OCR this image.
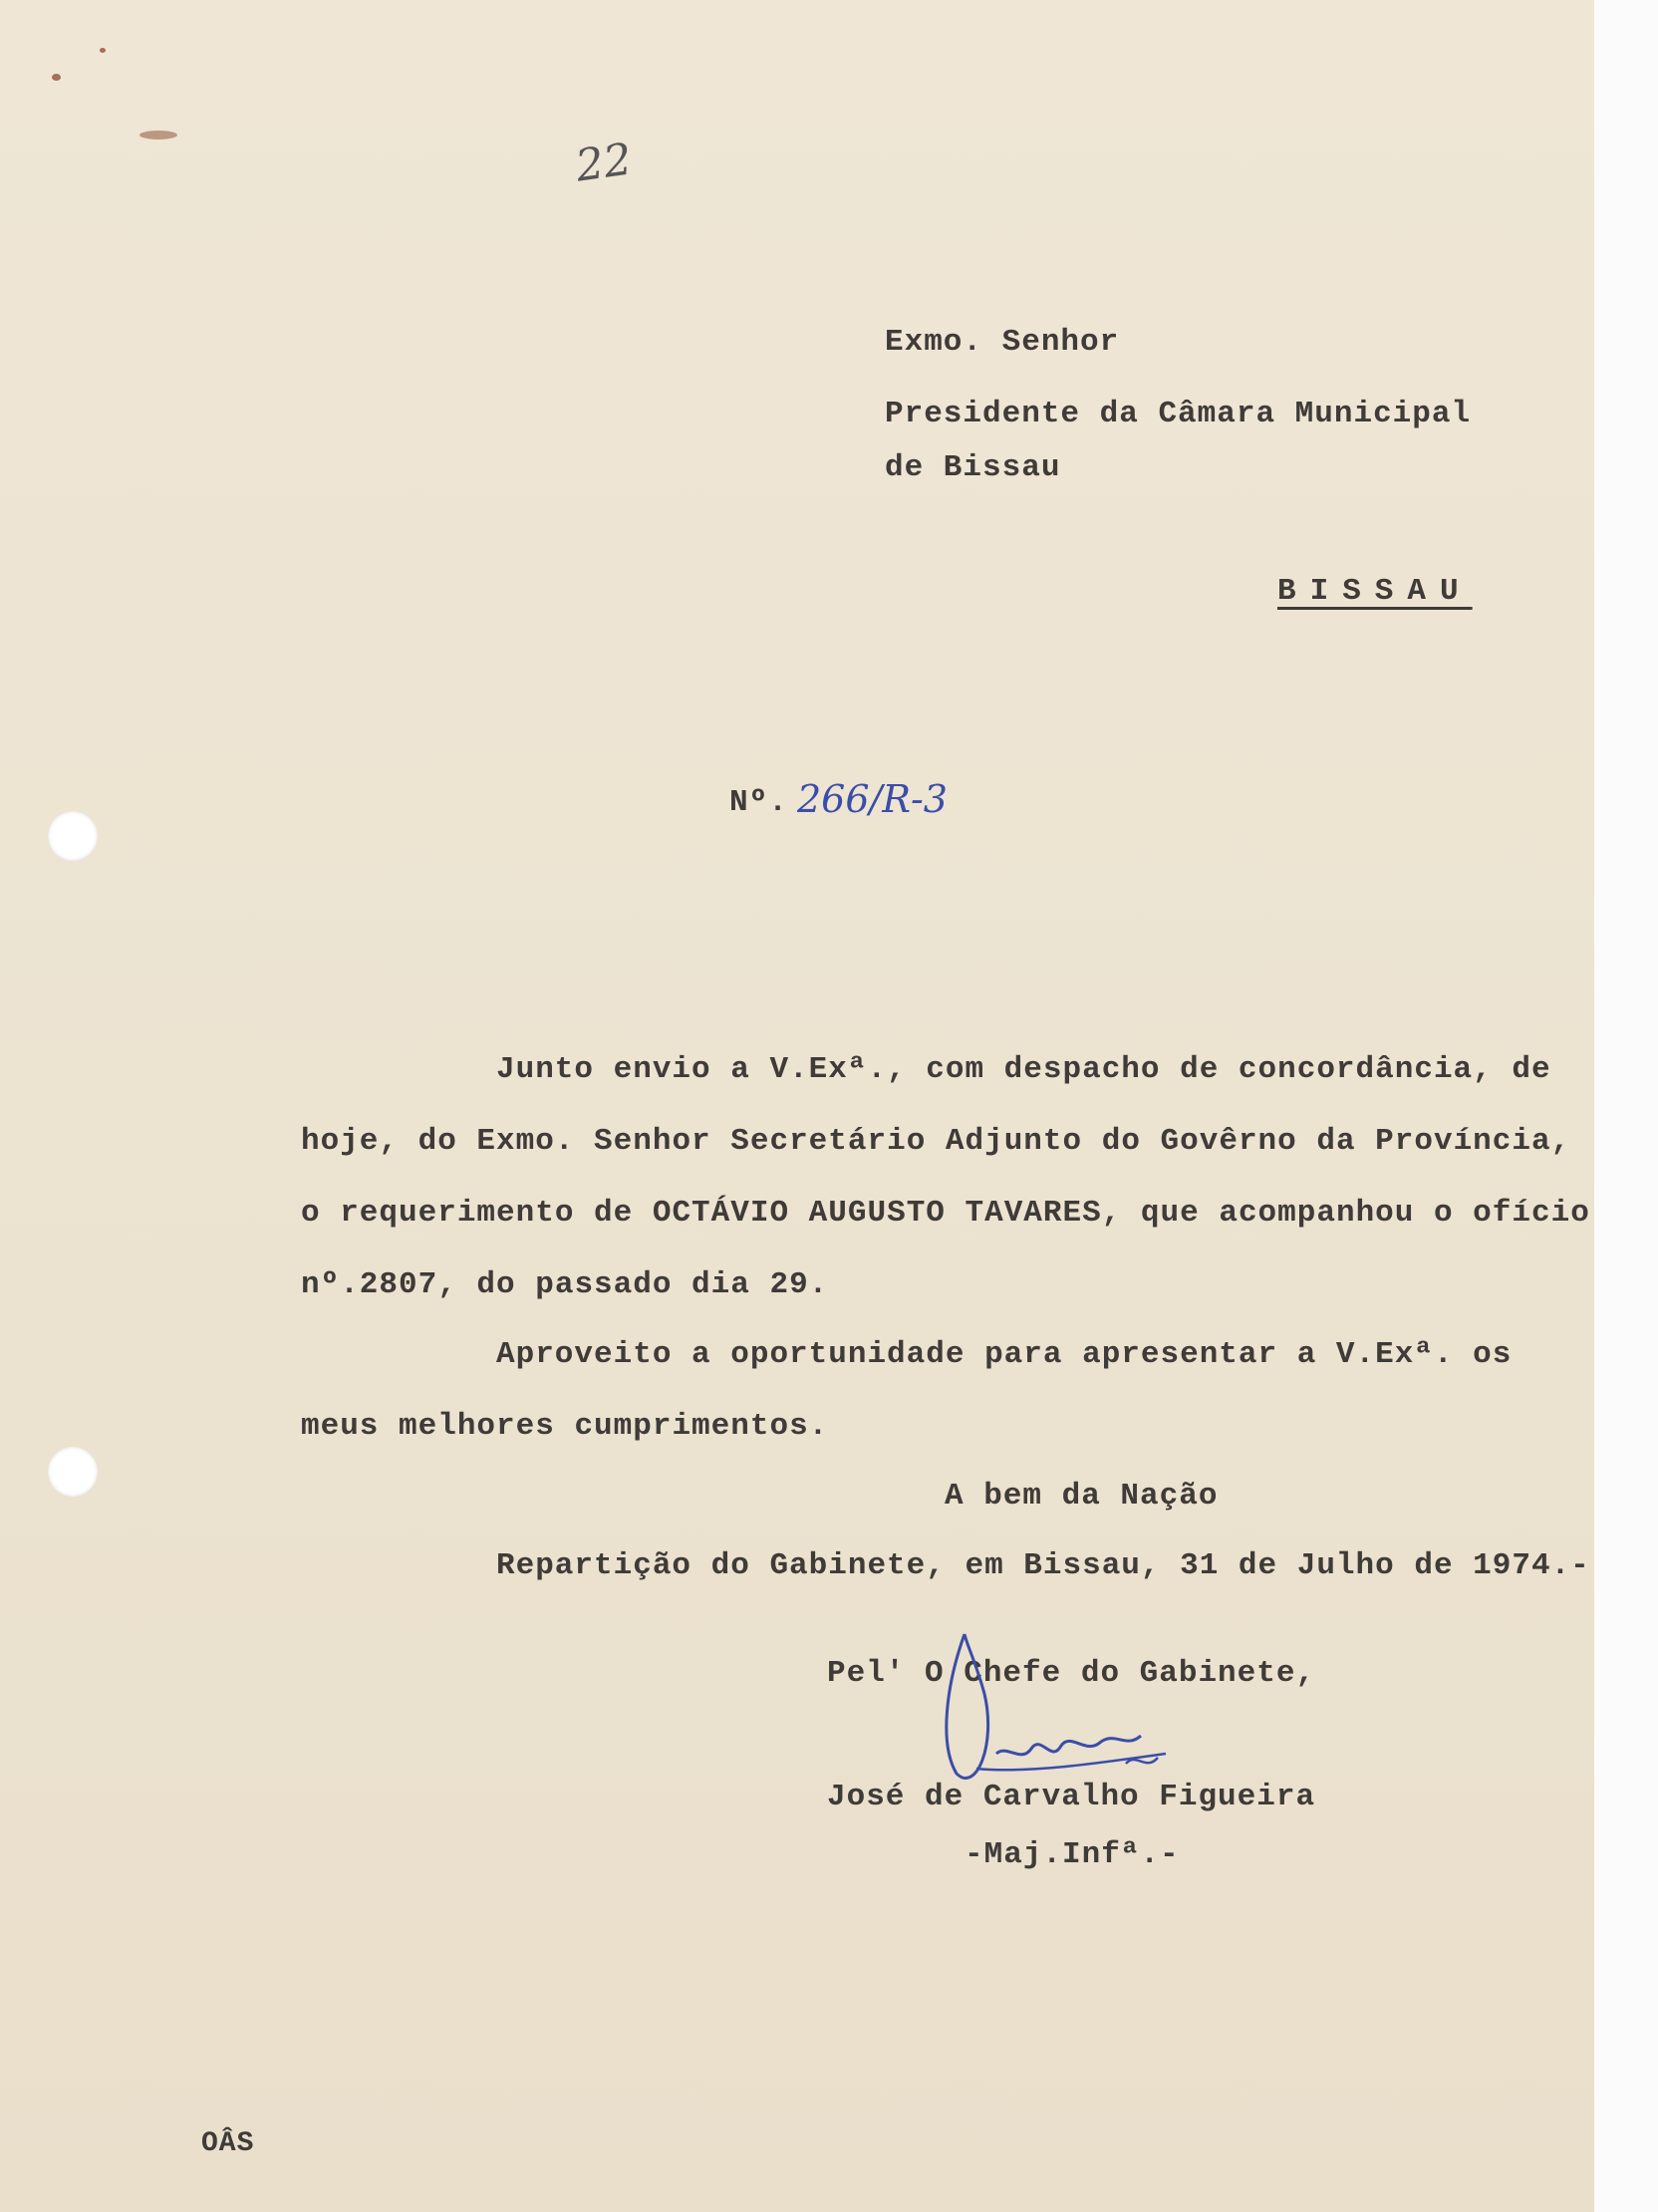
22
Exmo. Senhor
Presidente da Câmara Municipal
de Bissau
BISSAU
Nº. 266/R-3
Junto envio a V.Exª., com despacho de concordância, de
hoje, do Exmo. Senhor Secretário Adjunto do Govêrno da Província,
o requerimento de OCTÁVIO AUGUSTO TAVARES, que acompanhou o ofício
nº.2807, do passado dia 29.
Aproveito a oportunidade para apresentar a V.Exª. os
meus melhores cumprimentos.
A bem da Nação
Repartição do Gabinete, em Bissau, 31 de Julho de 1974.-
Pel' O Chefe do Gabinete,
José de Carvalho Figueira
-Maj.Infª.-
OÂS
